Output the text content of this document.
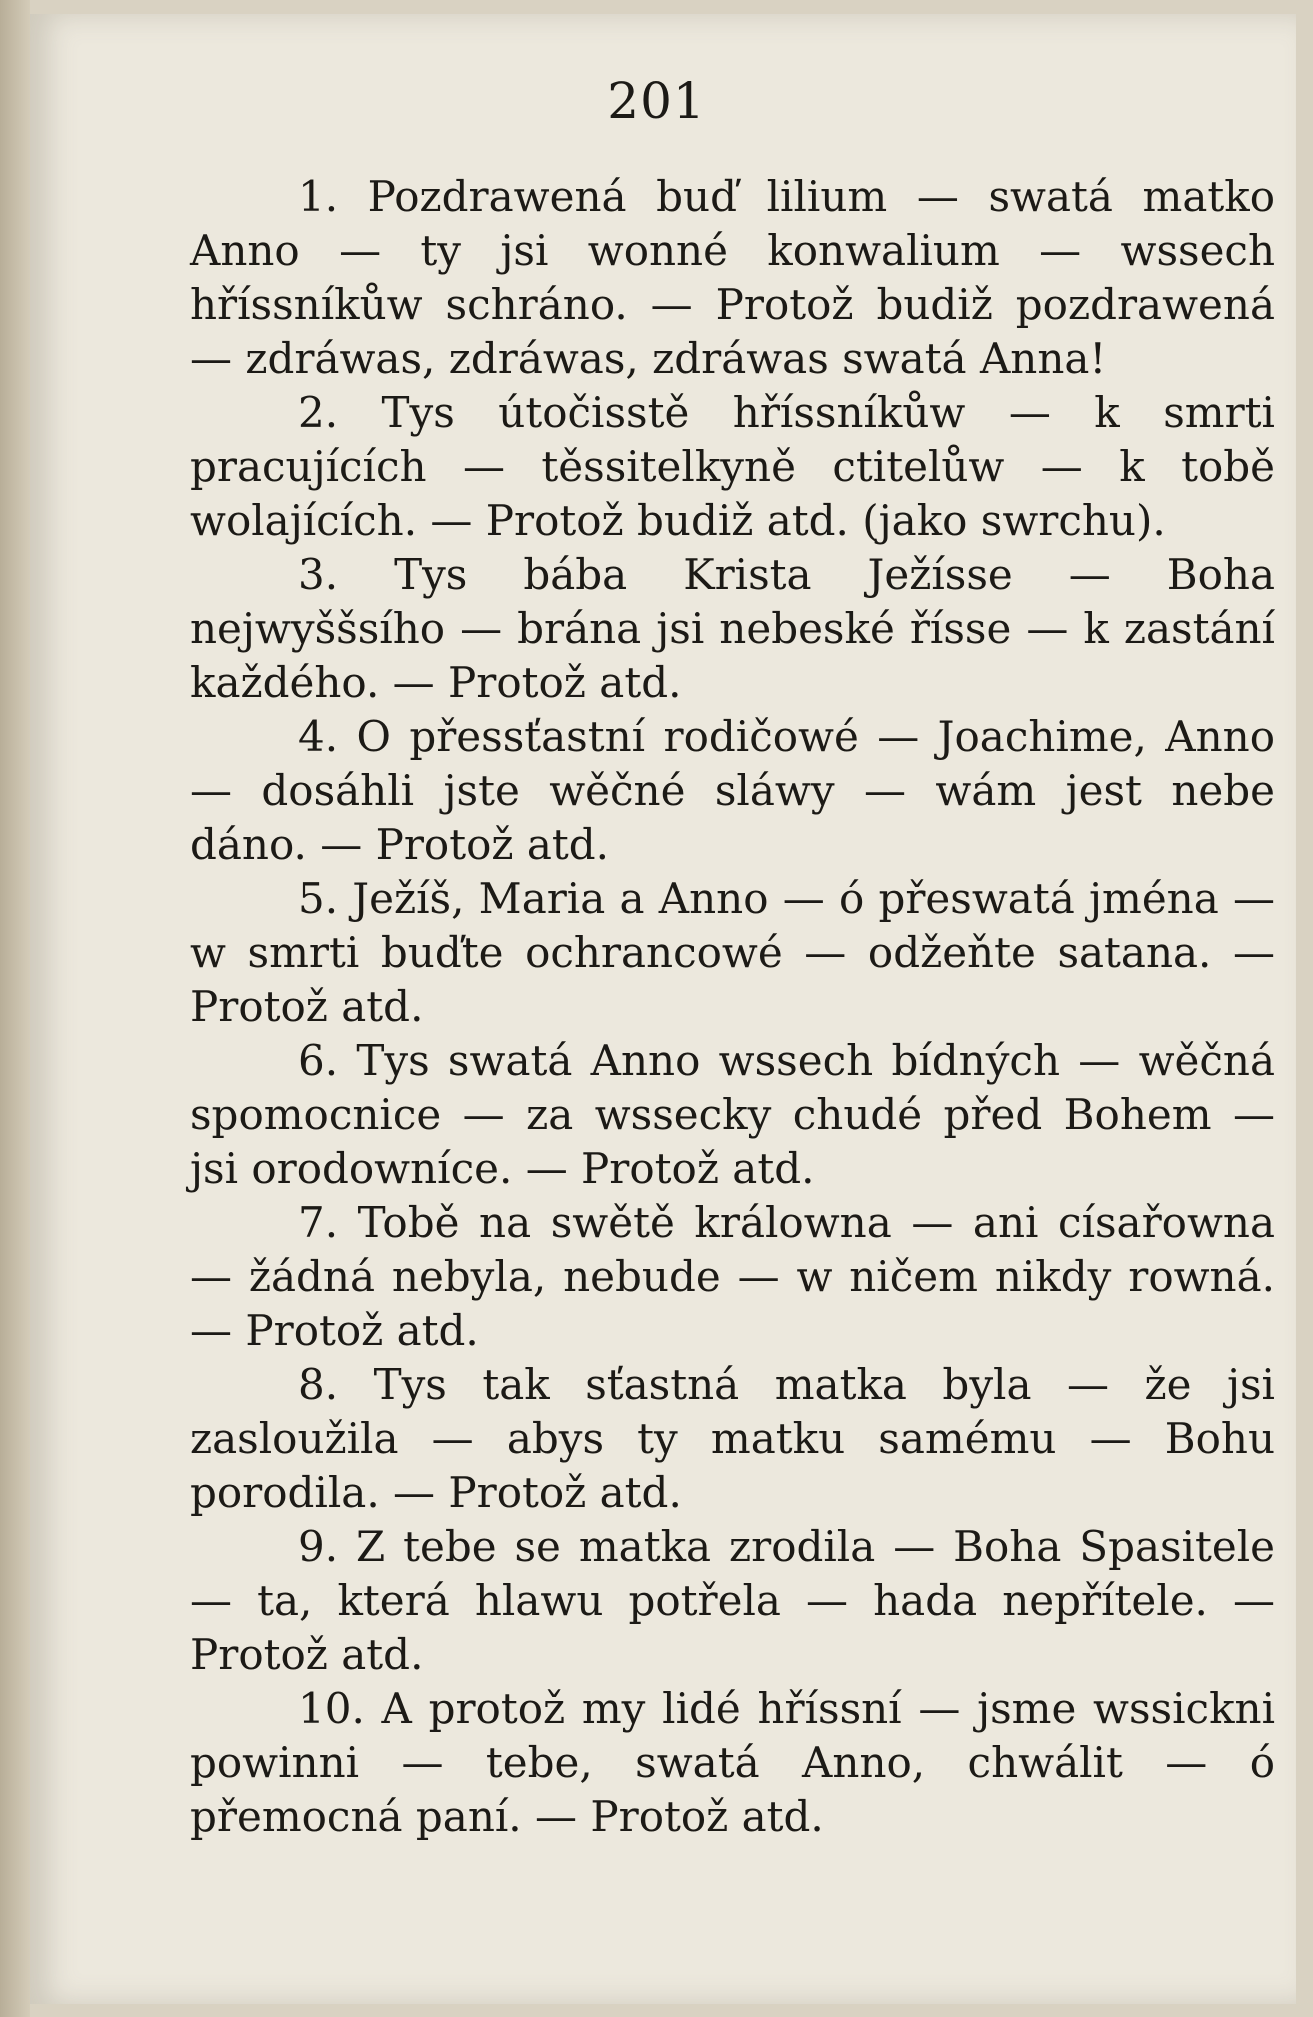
201

1. Pozdrawená buď lilium — swatá matko Anno — ty jsi wonné konwalium — wssech hříssníkůw schráno. — Protož budiž pozdrawená — zdráwas, zdráwas, zdráwas swatá Anna!

2. Tys útočisstě hříssníkůw — k smrti pracujících — těssitelkyně ctitelůw — k tobě wolajících. — Protož budiž atd. (jako swrchu).

3. Tys bába Krista Ježísse — Boha nejwyššsího — brána jsi nebeské řísse — k zastání každého. — Protož atd.

4. O přessťastní rodičowé — Joachime, Anno — dosáhli jste wěčné sláwy — wám jest nebe dáno. — Protož atd.

5. Ježíš, Maria a Anno — ó přeswatá jména — w smrti buďte ochrancowé — odžeňte satana. — Protož atd.

6. Tys swatá Anno wssech bídných — wěčná spomocnice — za wssecky chudé před Bohem — jsi orodowníce. — Protož atd.

7. Tobě na swětě králowna — ani císařowna — žádná nebyla, nebude — w ničem nikdy rowná. — Protož atd.

8. Tys tak sťastná matka byla — že jsi zasloužila — abys ty matku samému — Bohu porodila. — Protož atd.

9. Z tebe se matka zrodila — Boha Spasitele — ta, která hlawu potřela — hada nepřítele. — Protož atd.

10. A protož my lidé hříssní — jsme wssickni powinni — tebe, swatá Anno, chwálit — ó přemocná paní. — Protož atd.
